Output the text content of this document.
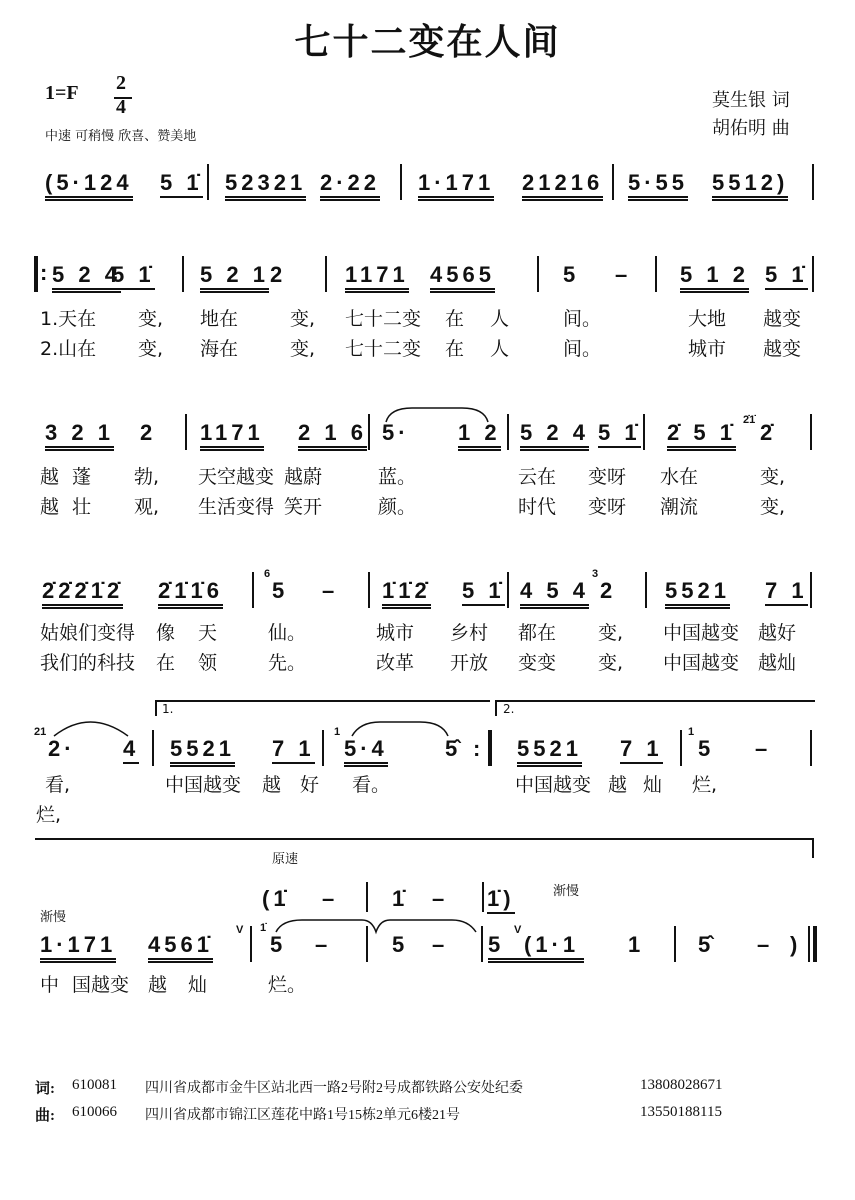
七十二变在人间
1=F 2
4
中速 可稍慢 欣喜、赞美地
莫生银 词
胡佑明 曲
(5·124 5 1̇ 52321 2·22 1·171 21216 5·55 5512)
: 5 2 4
5 1̇ 5 2 1 2	1171 4565	5 – 5 1 2 5 1̇
1.天在 变, 地在	变, 七十二变 在 人	间。	大地 越变
2.山在 变, 海在	变, 七十二变 在 人	间。	城市 越变
3 2 1 2 1171 2 1 6 5· 1 2 5 2 4 5 1̇ 2̇ 5 1̇ 2̇1̇ 2̇
越 蓬 勃, 天空越变 越蔚	蓝。	云在 变呀 水在	变,
越 壮 观, 生活变得 笑开	颜。	时代 变呀 潮流	变,
2̇2̇2̇1̇2̇ 2̇1̇1̇6
6
5 – 1̇1̇2̇ 5 1̇ 4 5 4
3
2 5521 7 1
姑娘们变得 像 天	仙。	城市 乡村 都在 变, 中国越变 越好
我们的科技 在 领	先。	改革 开放 变变 变, 中国越变 越灿
1.	2.
21
2· 4 5521 7 1
1
5·4	5̂ : 5521 7 1
1
5 –
看,	中国越变 越 好 看。	中国越变 越 灿 烂,
烂,
原速
渐慢
渐慢
(1̇ – 1̇ – 1̇)
1·171 4561̇
V 1̇
5 –	5 – 5
V
(1·1 1 5̂ – )
中 国越变 越 灿	烂。
词: 610081 四川省成都市金牛区站北西一路2号附2号成都铁路公安处纪委	13808028671
曲: 610066 四川省成都市锦江区莲花中路1号15栋2单元6楼21号	13550188115
